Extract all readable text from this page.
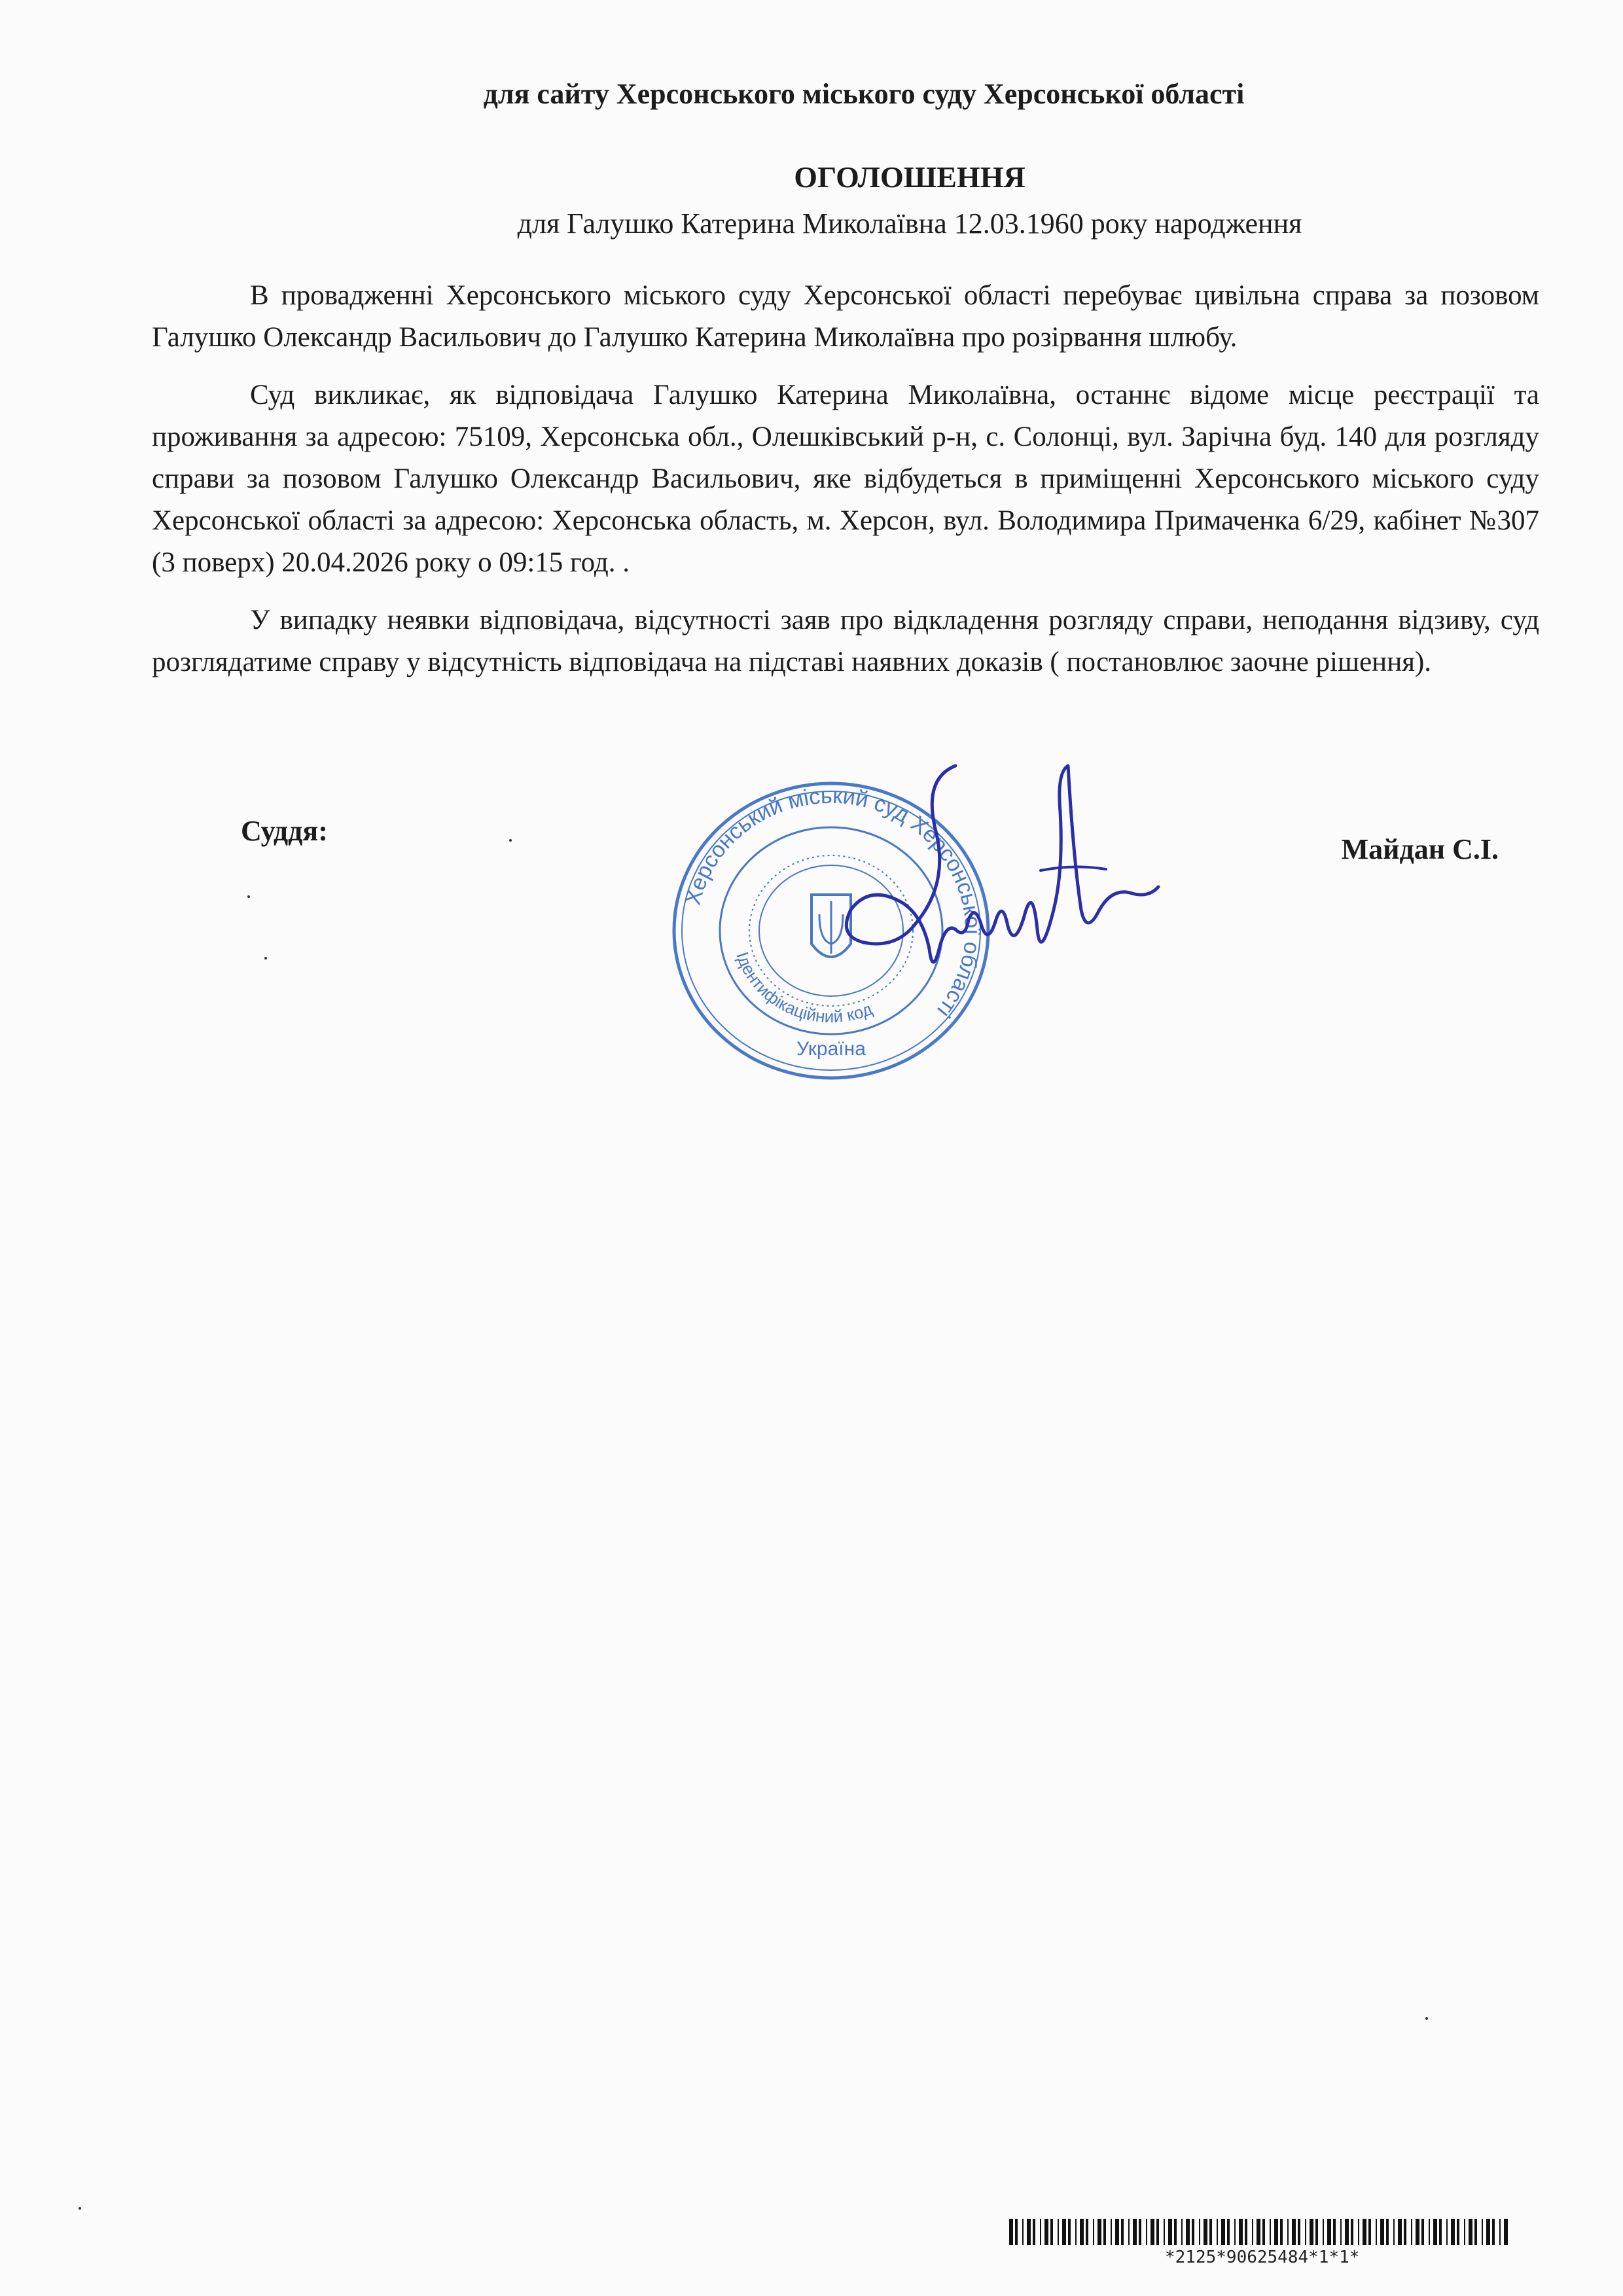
для сайту Херсонського міського суду Херсонської області
ОГОЛОШЕННЯ
для Галушко Катерина Миколаївна 12.03.1960 року народження

В провадженні Херсонського міського суду Херсонської області перебуває цивільна справа за позовом Галушко Олександр Васильович до Галушко Катерина Миколаївна про розірвання шлюбу.

Суд викликає, як відповідача Галушко Катерина Миколаївна, останнє відоме місце реєстрації та проживання за адресою: 75109, Херсонська обл., Олешківський р-н, с. Солонці, вул. Зарічна буд. 140 для розгляду справи за позовом Галушко Олександр Васильович, яке відбудеться в приміщенні Херсонського міського суду Херсонської області за адресою: Херсонська область, м. Херсон, вул. Володимира Примаченка 6/29, кабінет №307 (3 поверх) 20.04.2026 року о 09:15 год. .

У випадку неявки відповідача, відсутності заяв про відкладення розгляду справи, неподання відзиву, суд розглядатиме справу у відсутність відповідача на підставі наявних доказів ( постановлює заочне рішення).

Суддя:
Майдан С.І.
Херсонський міський суд Херсонської області
Ідентифікаційний код
Україна
*2125*90625484*1*1*
